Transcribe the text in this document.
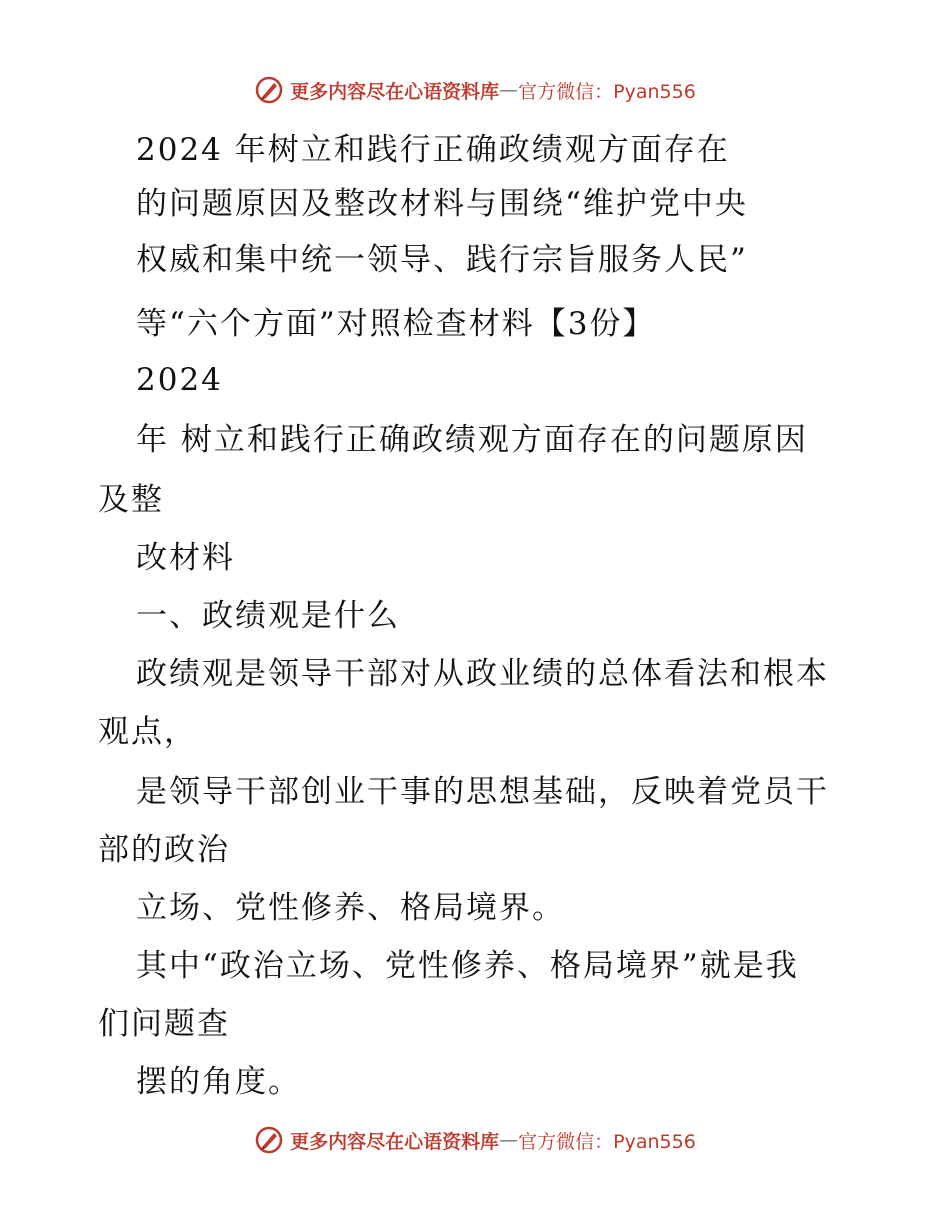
更多内容尽在心语资料库 — 官方微信：Pyan556
2024 年树立和践行正确政绩观方面存在
的问题原因及整改材料与围绕“维护党中央
权威和集中统一领导、践行宗旨服务人民”
等“六个方面”对照检查材料【3份】
2024
年 树立和践行正确政绩观方面存在的问题原因
及整
改材料
一、政绩观是什么
政绩观是领导干部对从政业绩的总体看法和根本
观点，
是领导干部创业干事的思想基础，反映着党员干
部的政治
立场、党性修养、格局境界。
其中“政治立场、党性修养、格局境界”就是我
们问题查
摆的角度。
更多内容尽在心语资料库 — 官方微信：Pyan556
